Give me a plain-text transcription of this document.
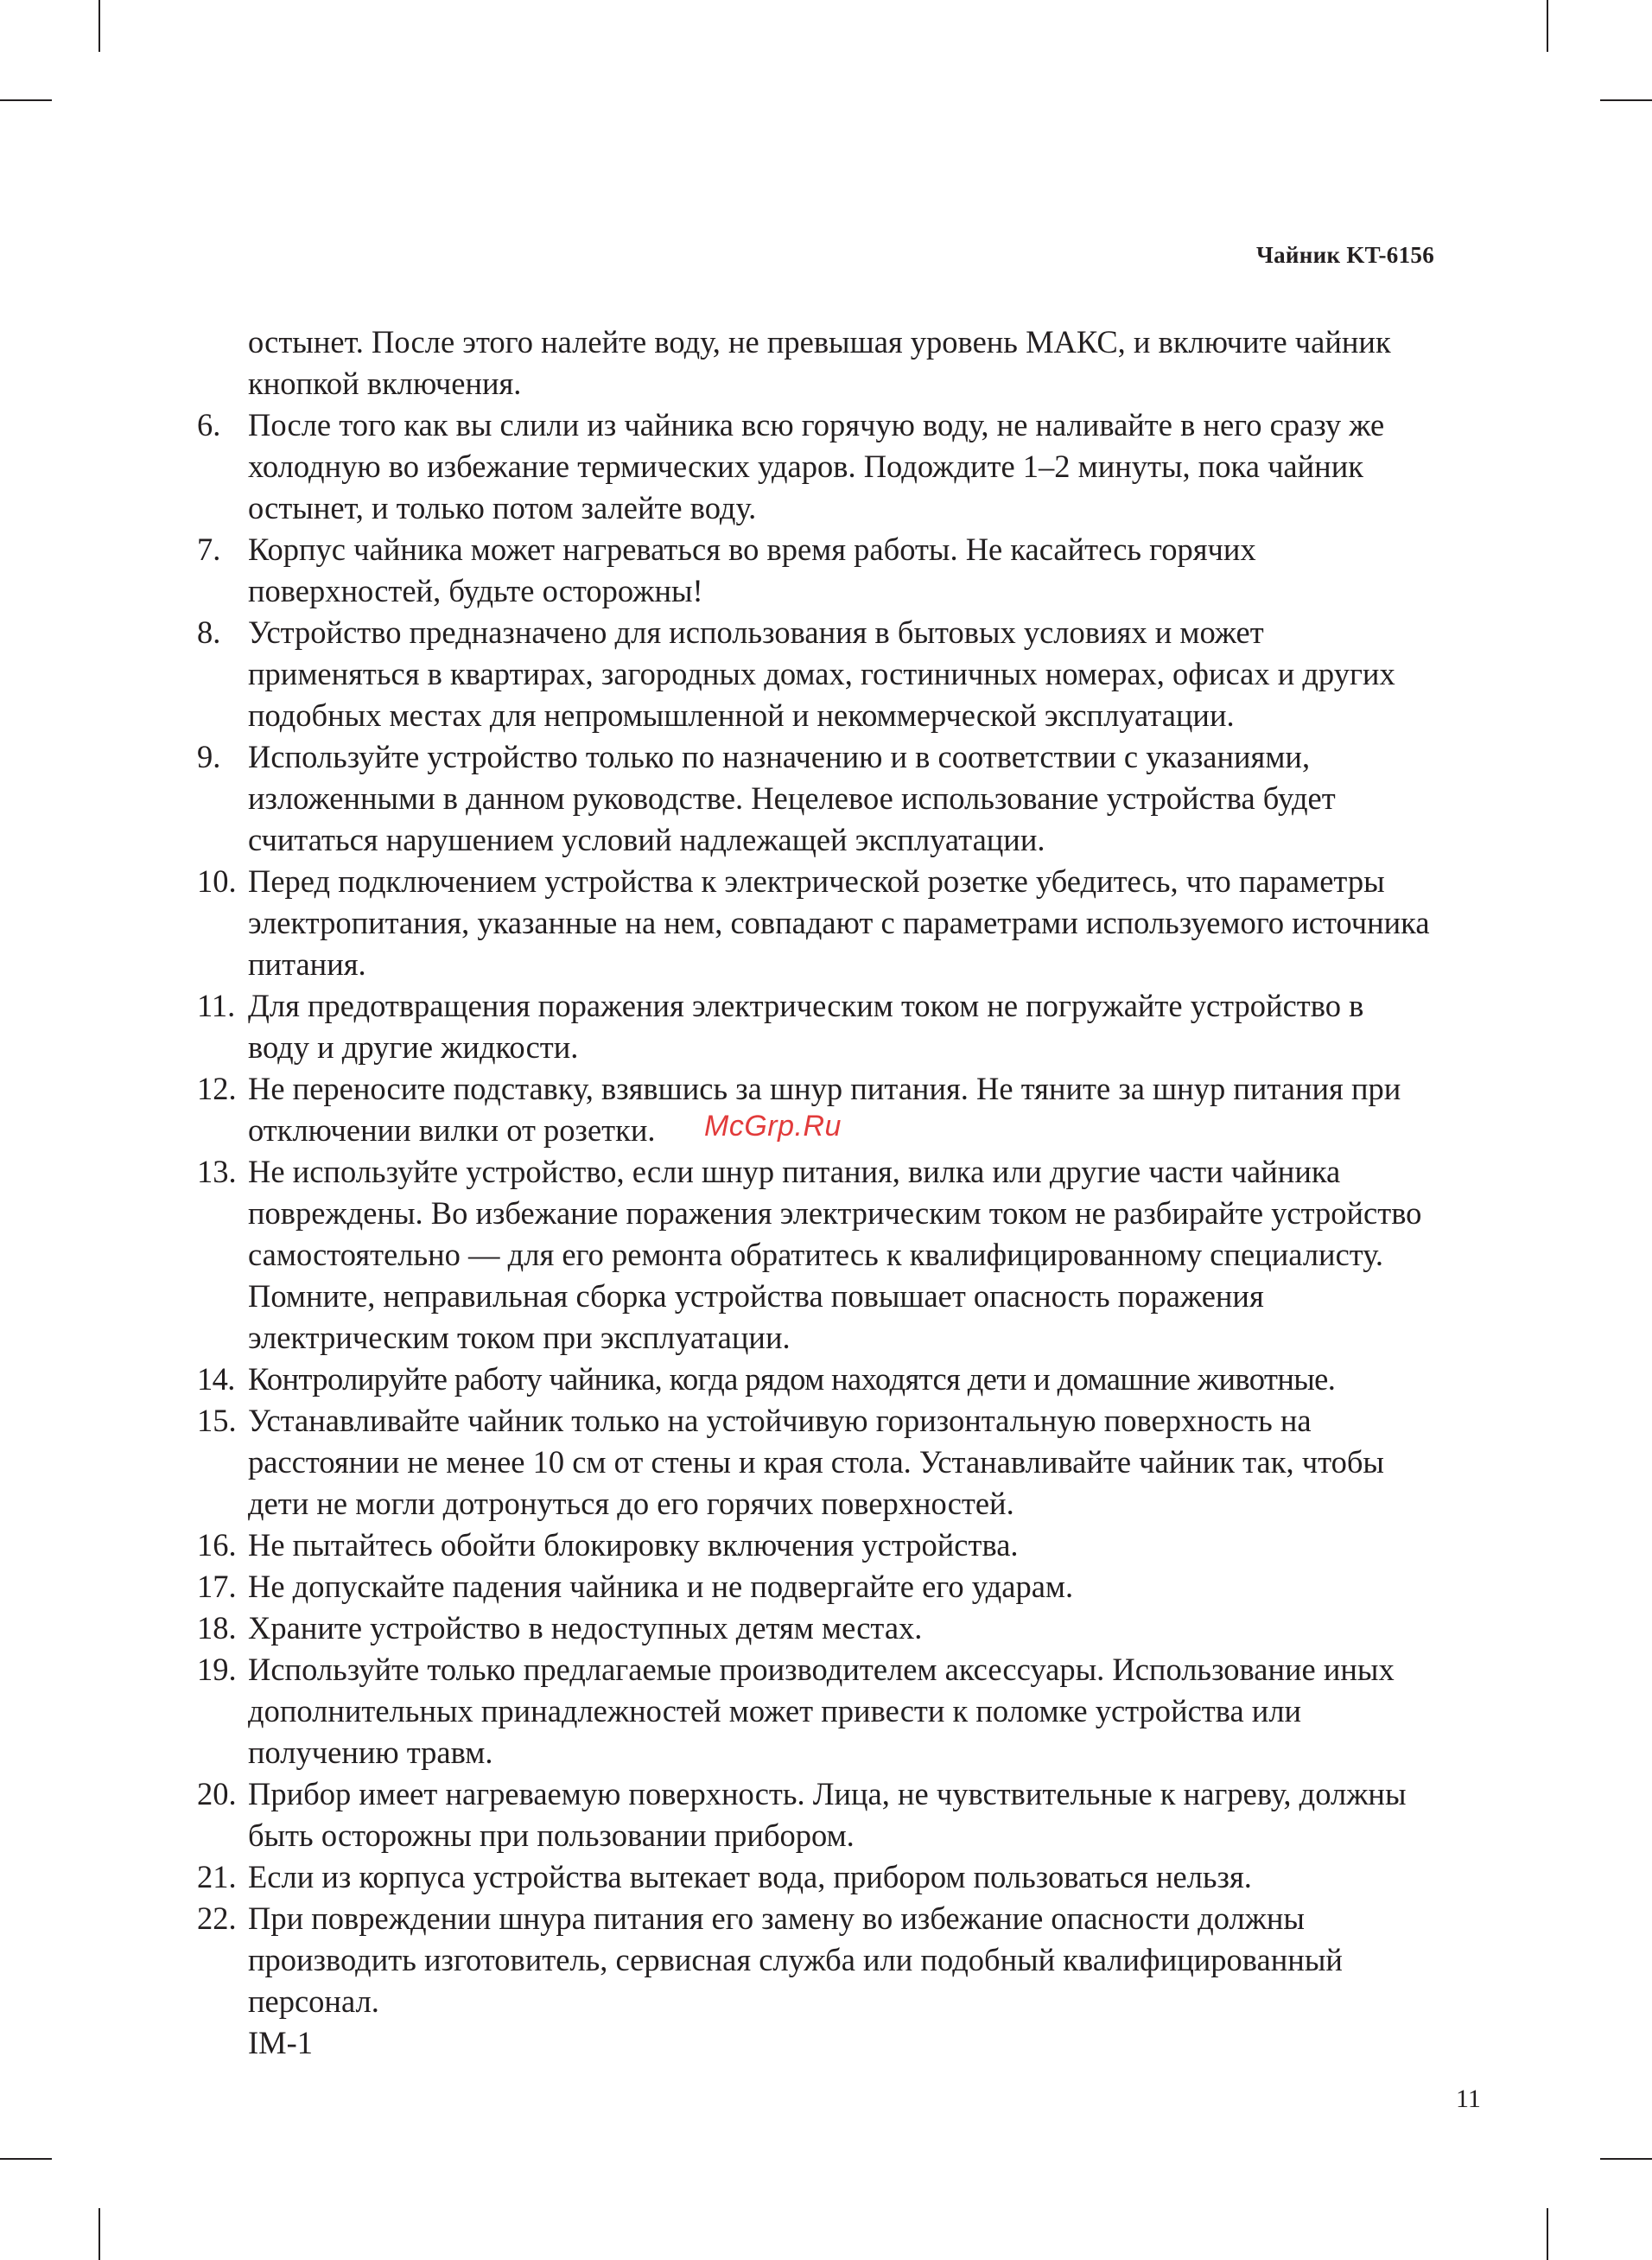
Чайник KT-6156
остынет. После этого налейте воду, не превышая уровень МАКС, и включите чайник кнопкой включения.
6. После того как вы слили из чайника всю горячую воду, не наливайте в него сразу же холодную во избежание термических ударов. Подождите 1–2 минуты, пока чайник остынет, и только потом залейте воду.
7. Корпус чайника может нагреваться во время работы. Не касайтесь горячих поверхностей, будьте осторожны!
8. Устройство предназначено для использования в бытовых условиях и может применяться в квартирах, загородных домах, гостиничных номерах, офисах и других подобных местах для непромышленной и некоммерческой эксплуатации.
9. Используйте устройство только по назначению и в соответствии с указаниями, изложенными в данном руководстве. Нецелевое использование устройства будет считаться нарушением условий надлежащей эксплуатации.
10. Перед подключением устройства к электрической розетке убедитесь, что параметры электропитания, указанные на нем, совпадают с параметрами используемого источника питания.
11. Для предотвращения поражения электрическим током не погружайте устройство в воду и другие жидкости.
12. Не переносите подставку, взявшись за шнур питания. Не тяните за шнур питания при отключении вилки от розетки.
13. Не используйте устройство, если шнур питания, вилка или другие части чайника повреждены. Во избежание поражения электрическим током не разбирайте устройство самостоятельно — для его ремонта обратитесь к квалифицированному специалисту. Помните, неправильная сборка устройства повышает опасность поражения электрическим током при эксплуатации.
14. Контролируйте работу чайника, когда рядом находятся дети и домашние животные.
15. Устанавливайте чайник только на устойчивую горизонтальную поверхность на расстоянии не менее 10 см от стены и края стола. Устанавливайте чайник так, чтобы дети не могли дотронуться до его горячих поверхностей.
16. Не пытайтесь обойти блокировку включения устройства.
17. Не допускайте падения чайника и не подвергайте его ударам.
18. Храните устройство в недоступных детям местах.
19. Используйте только предлагаемые производителем аксессуары. Использование иных дополнительных принадлежностей может привести к поломке устройства или получению травм.
20. Прибор имеет нагреваемую поверхность. Лица, не чувствительные к нагреву, должны быть осторожны при пользовании прибором.
21. Если из корпуса устройства вытекает вода, прибором пользоваться нельзя.
22. При повреждении шнура питания его замену во избежание опасности должны производить изготовитель, сервисная служба или подобный квалифицированный персонал.
IM-1
McGrp.Ru
11
